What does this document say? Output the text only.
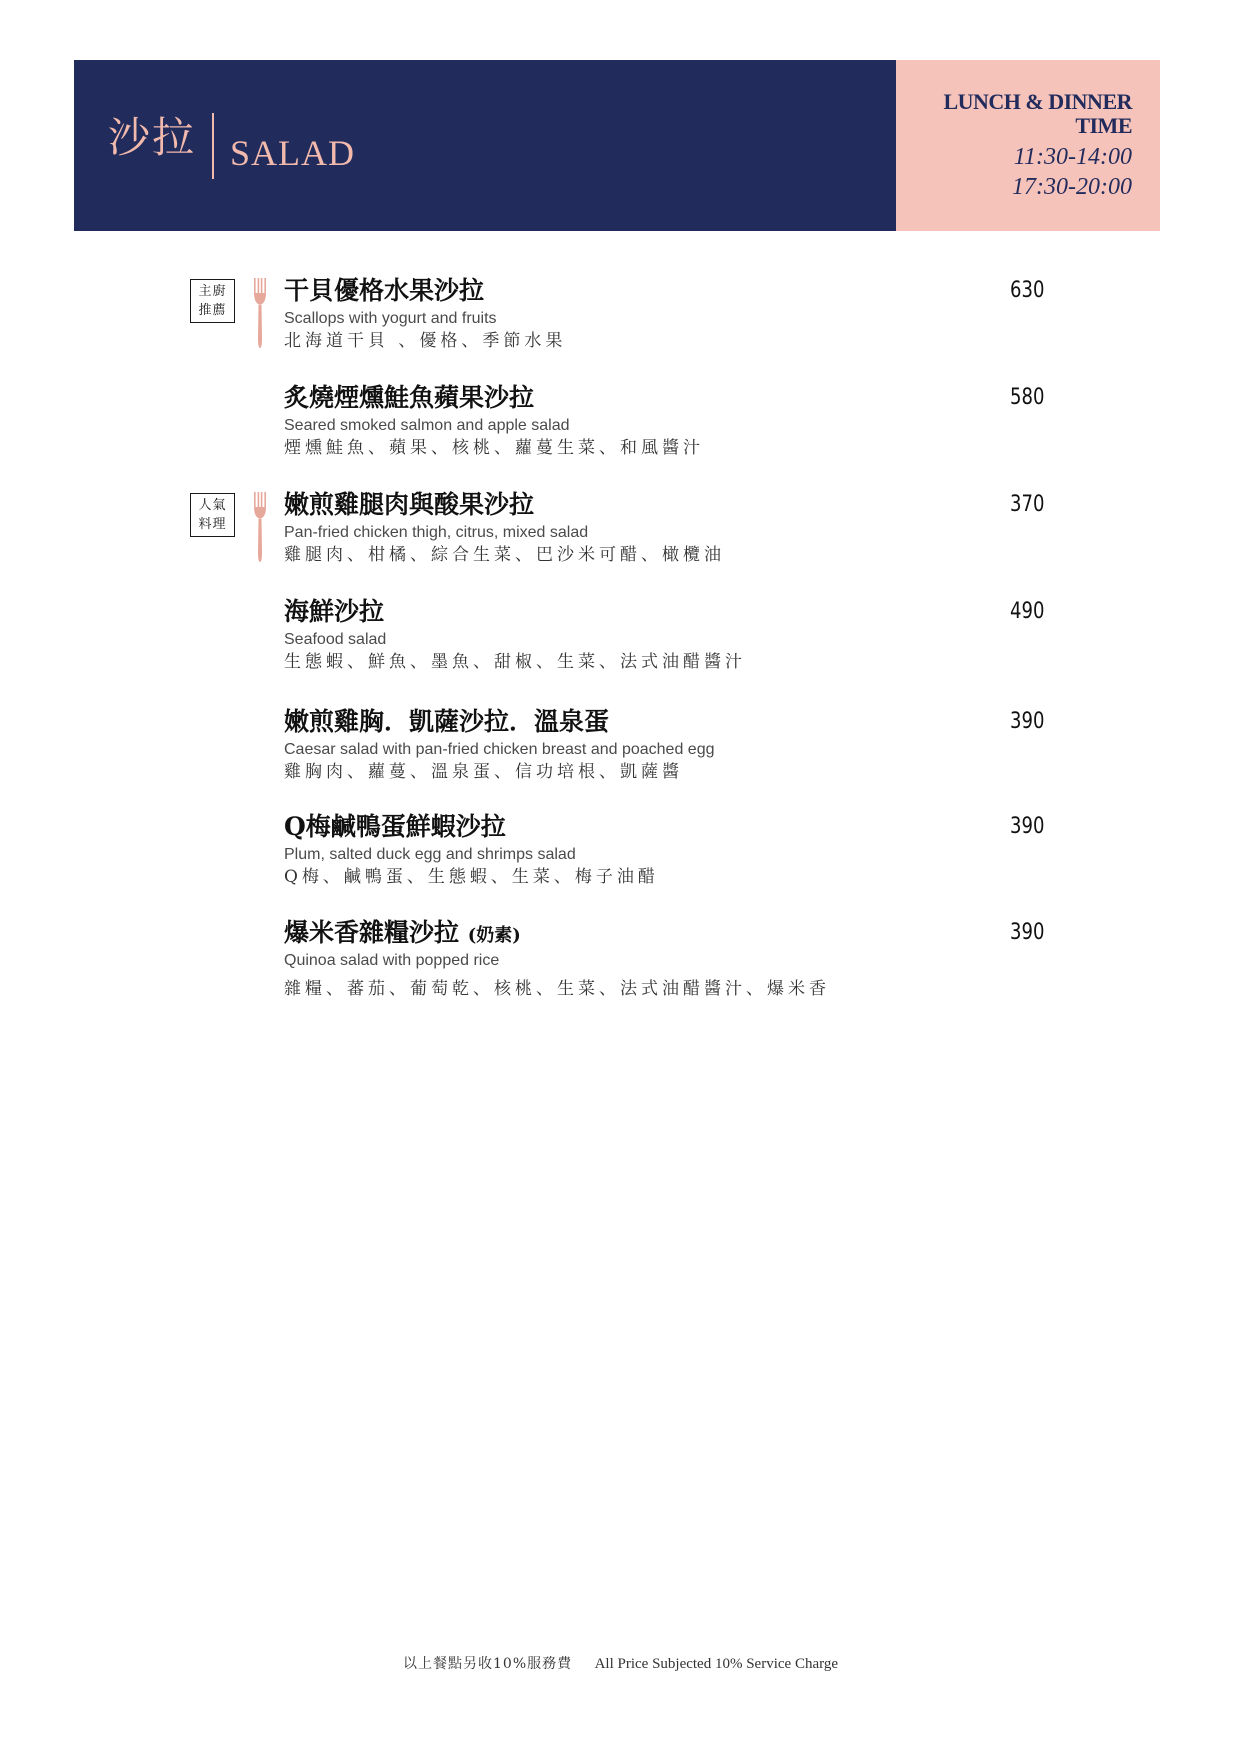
沙拉 SALAD
LUNCH & DINNER
TIME
11:30-14:00
17:30-20:00
主廚
推薦
干貝優格水果沙拉
Scallops with yogurt and fruits
北海道干貝 、優格、季節水果
630
炙燒煙燻鮭魚蘋果沙拉
Seared smoked salmon and apple salad
煙燻鮭魚、蘋果、核桃、蘿蔓生菜、和風醬汁
580
人氣
料理
嫩煎雞腿肉與酸果沙拉
Pan-fried chicken thigh, citrus, mixed salad
雞腿肉、柑橘、綜合生菜、巴沙米可醋、橄欖油
370
海鮮沙拉
Seafood salad
生態蝦、鮮魚、墨魚、甜椒、生菜、法式油醋醬汁
490
嫩煎雞胸．凱薩沙拉．溫泉蛋
Caesar salad with pan-fried chicken breast and poached egg
雞胸肉、蘿蔓、溫泉蛋、信功培根、凱薩醬
390
Q梅鹹鴨蛋鮮蝦沙拉
Plum, salted duck egg and shrimps salad
Q梅、鹹鴨蛋、生態蝦、生菜、梅子油醋
390
爆米香雜糧沙拉 (奶素)
Quinoa salad with popped rice
雜糧、蕃茄、葡萄乾、核桃、生菜、法式油醋醬汁、爆米香
390
以上餐點另收10%服務費 All Price Subjected 10% Service Charge
